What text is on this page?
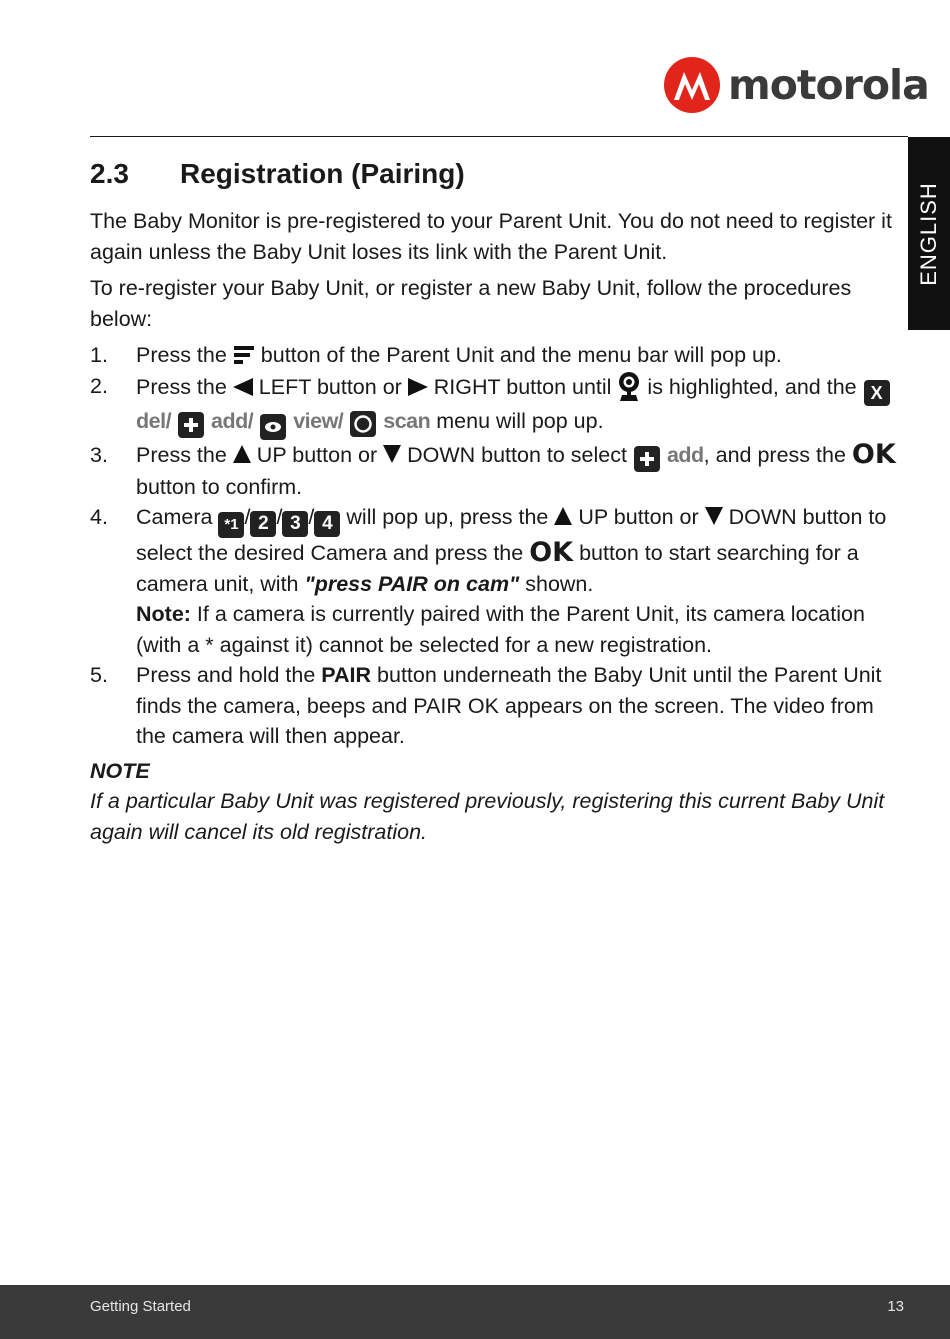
motorola
ENGLISH
2.3 Registration (Pairing)

The Baby Monitor is pre-registered to your Parent Unit. You do not need to register it again unless the Baby Unit loses its link with the Parent Unit.

To re-register your Baby Unit, or register a new Baby Unit, follow the procedures below:

1. Press the button of the Parent Unit and the menu bar will pop up.
2. Press the LEFT button or RIGHT button until is highlighted, and the X del/ add/ view/ scan menu will pop up.
3. Press the UP button or DOWN button to select add, and press the OK button to confirm.
4. Camera *1 / 2 / 3 / 4 will pop up, press the UP button or DOWN button to select the desired Camera and press the OK button to start searching for a camera unit, with "press PAIR on cam" shown.
Note: If a camera is currently paired with the Parent Unit, its camera location (with a * against it) cannot be selected for a new registration.
5. Press and hold the PAIR button underneath the Baby Unit until the Parent Unit finds the camera, beeps and PAIR OK appears on the screen. The video from the camera will then appear.
NOTE
If a particular Baby Unit was registered previously, registering this current Baby Unit again will cancel its old registration.
Getting Started	13
